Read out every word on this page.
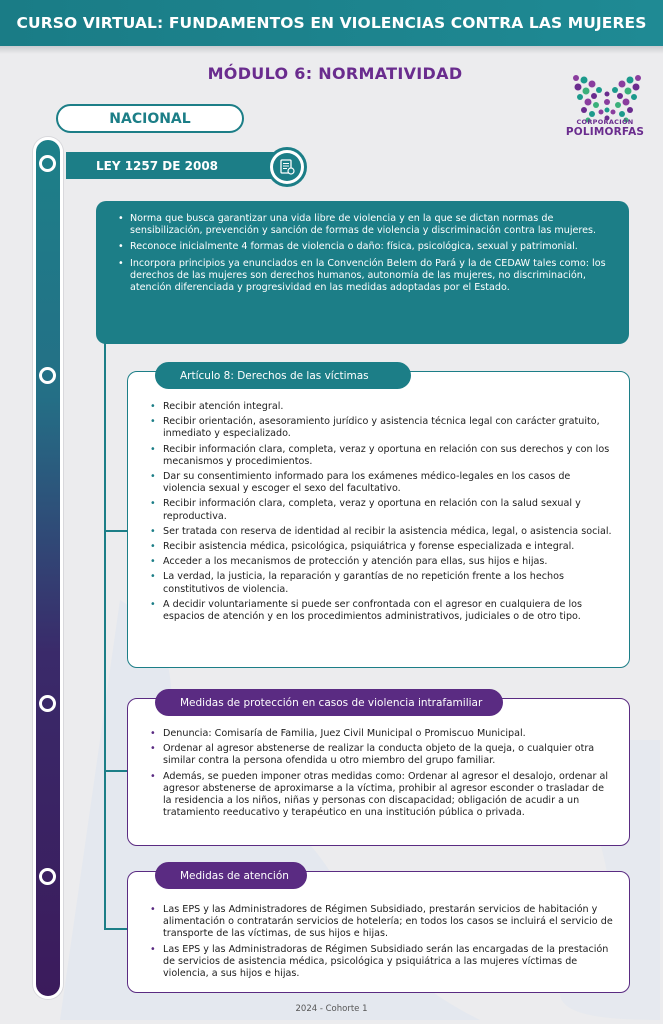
CURSO VIRTUAL: FUNDAMENTOS EN VIOLENCIAS CONTRA LAS MUJERES
MÓDULO 6: NORMATIVIDAD
CORPORACIÓN
POLIMORFAS
NACIONAL
LEY 1257 DE 2008
• Norma que busca garantizar una vida libre de violencia y en la que se dictan normas de sensibilización, prevención y sanción de formas de violencia y discriminación contra las mujeres.
• Reconoce inicialmente 4 formas de violencia o daño: física, psicológica, sexual y patrimonial.
• Incorpora principios ya enunciados en la Convención Belem do Pará y la de CEDAW tales como: los derechos de las mujeres son derechos humanos, autonomía de las mujeres, no discriminación, atención diferenciada y progresividad en las medidas adoptadas por el Estado.
• Recibir atención integral.
• Recibir orientación, asesoramiento jurídico y asistencia técnica legal con carácter gratuito, inmediato y especializado.
• Recibir información clara, completa, veraz y oportuna en relación con sus derechos y con los mecanismos y procedimientos.
• Dar su consentimiento informado para los exámenes médico-legales en los casos de violencia sexual y escoger el sexo del facultativo.
• Recibir información clara, completa, veraz y oportuna en relación con la salud sexual y reproductiva.
• Ser tratada con reserva de identidad al recibir la asistencia médica, legal, o asistencia social.
• Recibir asistencia médica, psicológica, psiquiátrica y forense especializada e integral.
• Acceder a los mecanismos de protección y atención para ellas, sus hijos e hijas.
• La verdad, la justicia, la reparación y garantías de no repetición frente a los hechos constitutivos de violencia.
• A decidir voluntariamente si puede ser confrontada con el agresor en cualquiera de los espacios de atención y en los procedimientos administrativos, judiciales o de otro tipo.
Artículo 8: Derechos de las víctimas
• Denuncia: Comisaría de Familia, Juez Civil Municipal o Promiscuo Municipal.
• Ordenar al agresor abstenerse de realizar la conducta objeto de la queja, o cualquier otra similar contra la persona ofendida u otro miembro del grupo familiar.
• Además, se pueden imponer otras medidas como: Ordenar al agresor el desalojo, ordenar al agresor abstenerse de aproximarse a la víctima, prohibir al agresor esconder o trasladar de la residencia a los niños, niñas y personas con discapacidad; obligación de acudir a un tratamiento reeducativo y terapéutico en una institución pública o privada.
Medidas de protección en casos de violencia intrafamiliar
• Las EPS y las Administradores de Régimen Subsidiado, prestarán servicios de habitación y alimentación o contratarán servicios de hotelería; en todos los casos se incluirá el servicio de transporte de las víctimas, de sus hijos e hijas.
• Las EPS y las Administradoras de Régimen Subsidiado serán las encargadas de la prestación de servicios de asistencia médica, psicológica y psiquiátrica a las mujeres víctimas de violencia, a sus hijos e hijas.
Medidas de atención
2024 - Cohorte 1
